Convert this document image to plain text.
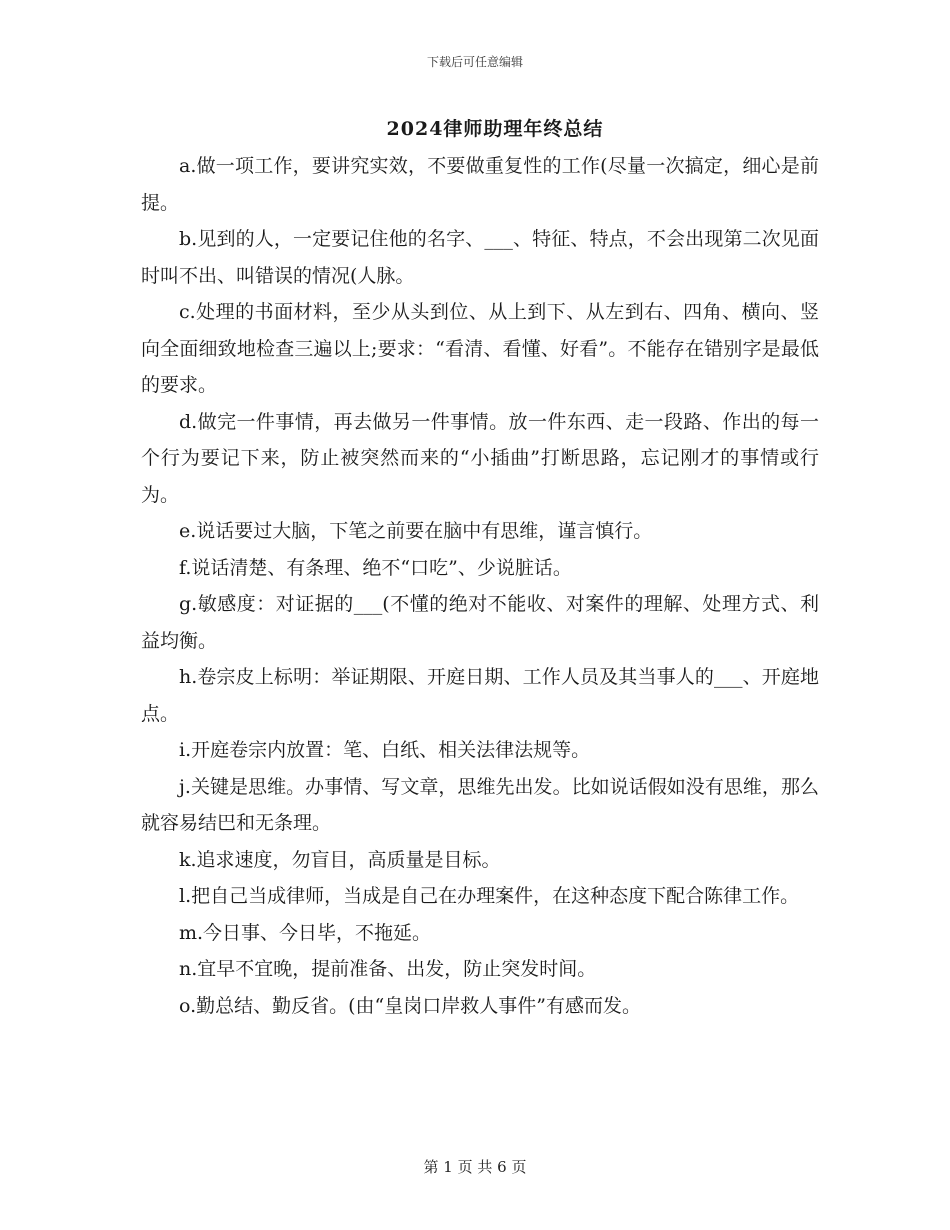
下载后可任意编辑
2024律师助理年终总结

a.做一项工作，要讲究实效，不要做重复性的工作(尽量一次搞定，细心是前提。

b.见到的人，一定要记住他的名字、___、特征、特点，不会出现第二次见面时叫不出、叫错误的情况(人脉。

c.处理的书面材料，至少从头到位、从上到下、从左到右、四角、横向、竖向全面细致地检查三遍以上;要求：“看清、看懂、好看”。不能存在错别字是最低的要求。

d.做完一件事情，再去做另一件事情。放一件东西、走一段路、作出的每一个行为要记下来，防止被突然而来的“小插曲”打断思路，忘记刚才的事情或行为。

e.说话要过大脑，下笔之前要在脑中有思维，谨言慎行。

f.说话清楚、有条理、绝不“口吃”、少说脏话。

g.敏感度：对证据的___(不懂的绝对不能收、对案件的理解、处理方式、利益均衡。

h.卷宗皮上标明：举证期限、开庭日期、工作人员及其当事人的___、开庭地点。

i.开庭卷宗内放置：笔、白纸、相关法律法规等。

j.关键是思维。办事情、写文章，思维先出发。比如说话假如没有思维，那么就容易结巴和无条理。

k.追求速度，勿盲目，高质量是目标。

l.把自己当成律师，当成是自己在办理案件，在这种态度下配合陈律工作。

m.今日事、今日毕，不拖延。

n.宜早不宜晚，提前准备、出发，防止突发时间。

o.勤总结、勤反省。(由“皇岗口岸救人事件”有感而发。

第 1 页 共 6 页
